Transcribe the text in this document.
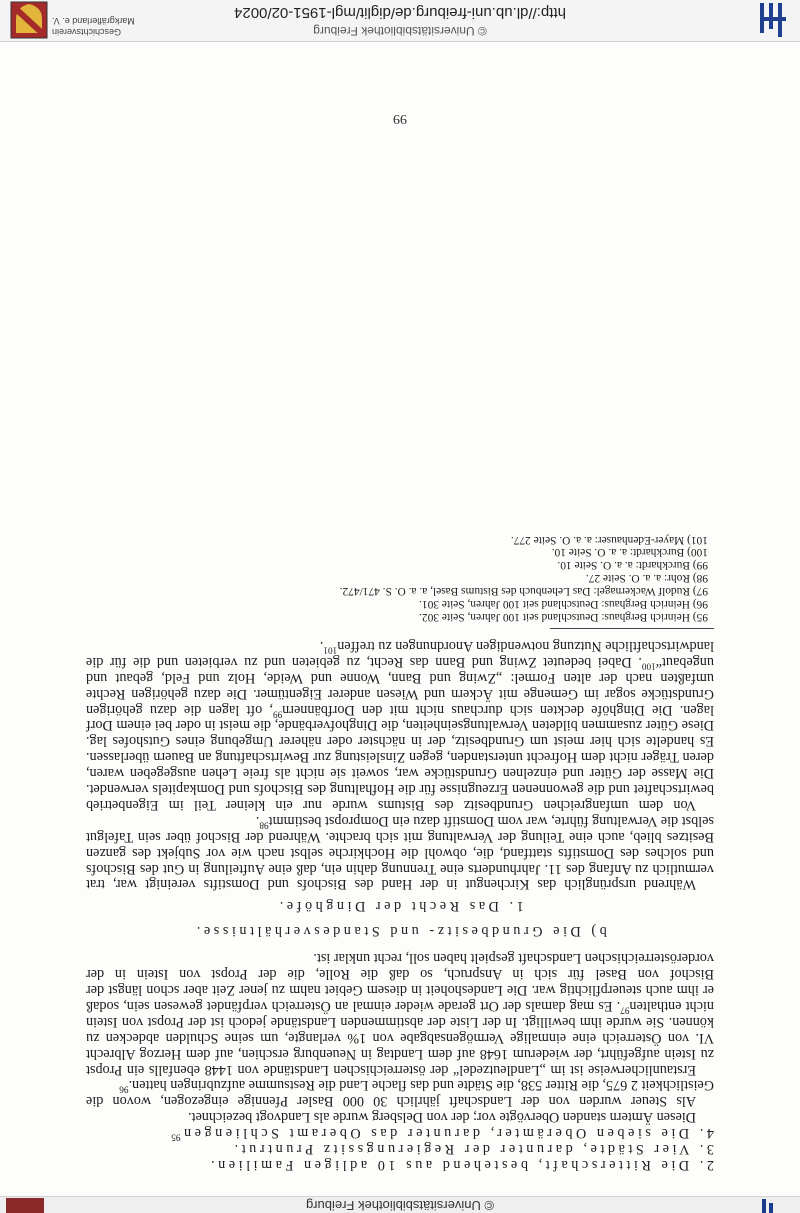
© Universitätsbibliothek Freiburg
© Universitätsbibliothek Freiburg
http://dl.ub.uni-freiburg.de/diglit/mgl-1951-02/0024
Geschichtsverein
Markgräflerland e. V.

2. Die Ritterschaft, bestehend aus 10 adligen Familien.

3. Vier Städte, darunter der Regierungssitz Pruntrut.

4. Die sieben Oberämter, darunter das Oberamt Schliengen$^{95}$

Diesen Ämtern standen Obervögte vor; der von Delsberg wurde als Landvogt bezeichnet.

Als Steuer wurden von der Landschaft jährlich 30 000 Basler Pfennige eingezogen, wovon die Geistlichkeit 2 675, die Ritter 538, die Städte und das flache Land die Restsumme aufzubringen hatten.$^{96}$

Erstaunlicherweise ist im „Landleutzedel“ der österreichischen Landstände von 1448 ebenfalls ein Propst zu Istein aufgeführt, der wiederum 1648 auf dem Landtag in Neuenburg erschien, auf dem Herzog Albrecht VI. von Österreich eine einmalige Vermögensabgabe von 1% verlangte, um seine Schulden abdecken zu können. Sie wurde ihm bewilligt. In der Liste der abstimmenden Landstände jedoch ist der Propst von Istein nicht enthalten$^{97}$. Es mag damals der Ort gerade wieder einmal an Österreich verpfändet gewesen sein, sodaß er ihm auch steuerpflichtig war. Die Landeshoheit in diesem Gebiet nahm zu jener Zeit aber schon längst der Bischof von Basel für sich in Anspruch, so daß die Rolle, die der Propst von Istein in der vorderösterreichischen Landschaft gespielt haben soll, recht unklar ist.

b) Die Grundbesitz- und Standesverhältnisse.

1. Das Recht der Dinghöfe.

Während ursprünglich das Kirchengut in der Hand des Bischofs und Domstifts vereinigt war, trat vermutlich zu Anfang des 11. Jahrhunderts eine Trennung dahin ein, daß eine Aufteilung in Gut des Bischofs und solches des Domstifts stattfand, die, obwohl die Hochkirche selbst nach wie vor Subjekt des ganzen Besitzes blieb, auch eine Teilung der Verwaltung mit sich brachte. Während der Bischof über sein Tafelgut selbst die Verwaltung führte, war vom Domstift dazu ein Dompropst bestimmt$^{98}$.

Von dem umfangreichen Grundbesitz des Bistums wurde nur ein kleiner Teil im Eigenbetrieb bewirtschaftet und die gewonnenen Erzeugnisse für die Hofhaltung des Bischofs und Domkapitels verwendet. Die Masse der Güter und einzelnen Grundstücke war, soweit sie nicht als freie Lehen ausgegeben waren, deren Träger nicht dem Hofrecht unterstanden, gegen Zinsleistung zur Bewirtschaftung an Bauern überlassen. Es handelte sich hier meist um Grundbesitz, der in nächster oder näherer Umgebung eines Gutshofes lag. Diese Güter zusammen bildeten Verwaltungseinheiten, die Dinghofverbände, die meist in oder bei einem Dorf lagen. Die Dinghöfe deckten sich durchaus nicht mit den Dorfbännern$^{99}$, oft lagen die dazu gehörigen Grundstücke sogar im Gemenge mit Äckern und Wiesen anderer Eigentümer. Die dazu gehörigen Rechte umfaßten nach der alten Formel: „Zwing und Bann, Wonne und Weide, Holz und Feld, gebaut und ungebaut“$^{100}$. Dabei bedeutet Zwing und Bann das Recht, zu gebieten und zu verbieten und die für die landwirtschaftliche Nutzung notwendigen Anordnungen zu treffen$^{101}$.

95) Heinrich Berghaus: Deutschland seit 100 Jahren, Seite 302.

96) Heinrich Berghaus: Deutschland seit 100 Jahren, Seite 301.

97) Rudolf Wackernagel: Das Lehenbuch des Bistums Basel, a. a. O. S. 471/472.

98) Rohr: a. a. O. Seite 27.

99) Burckhardt: a. a. O. Seite 10.

100) Burckhardt: a. a. O. Seite 10.

101) Mayer-Edenhauser: a. a. O. Seite 277.

99
